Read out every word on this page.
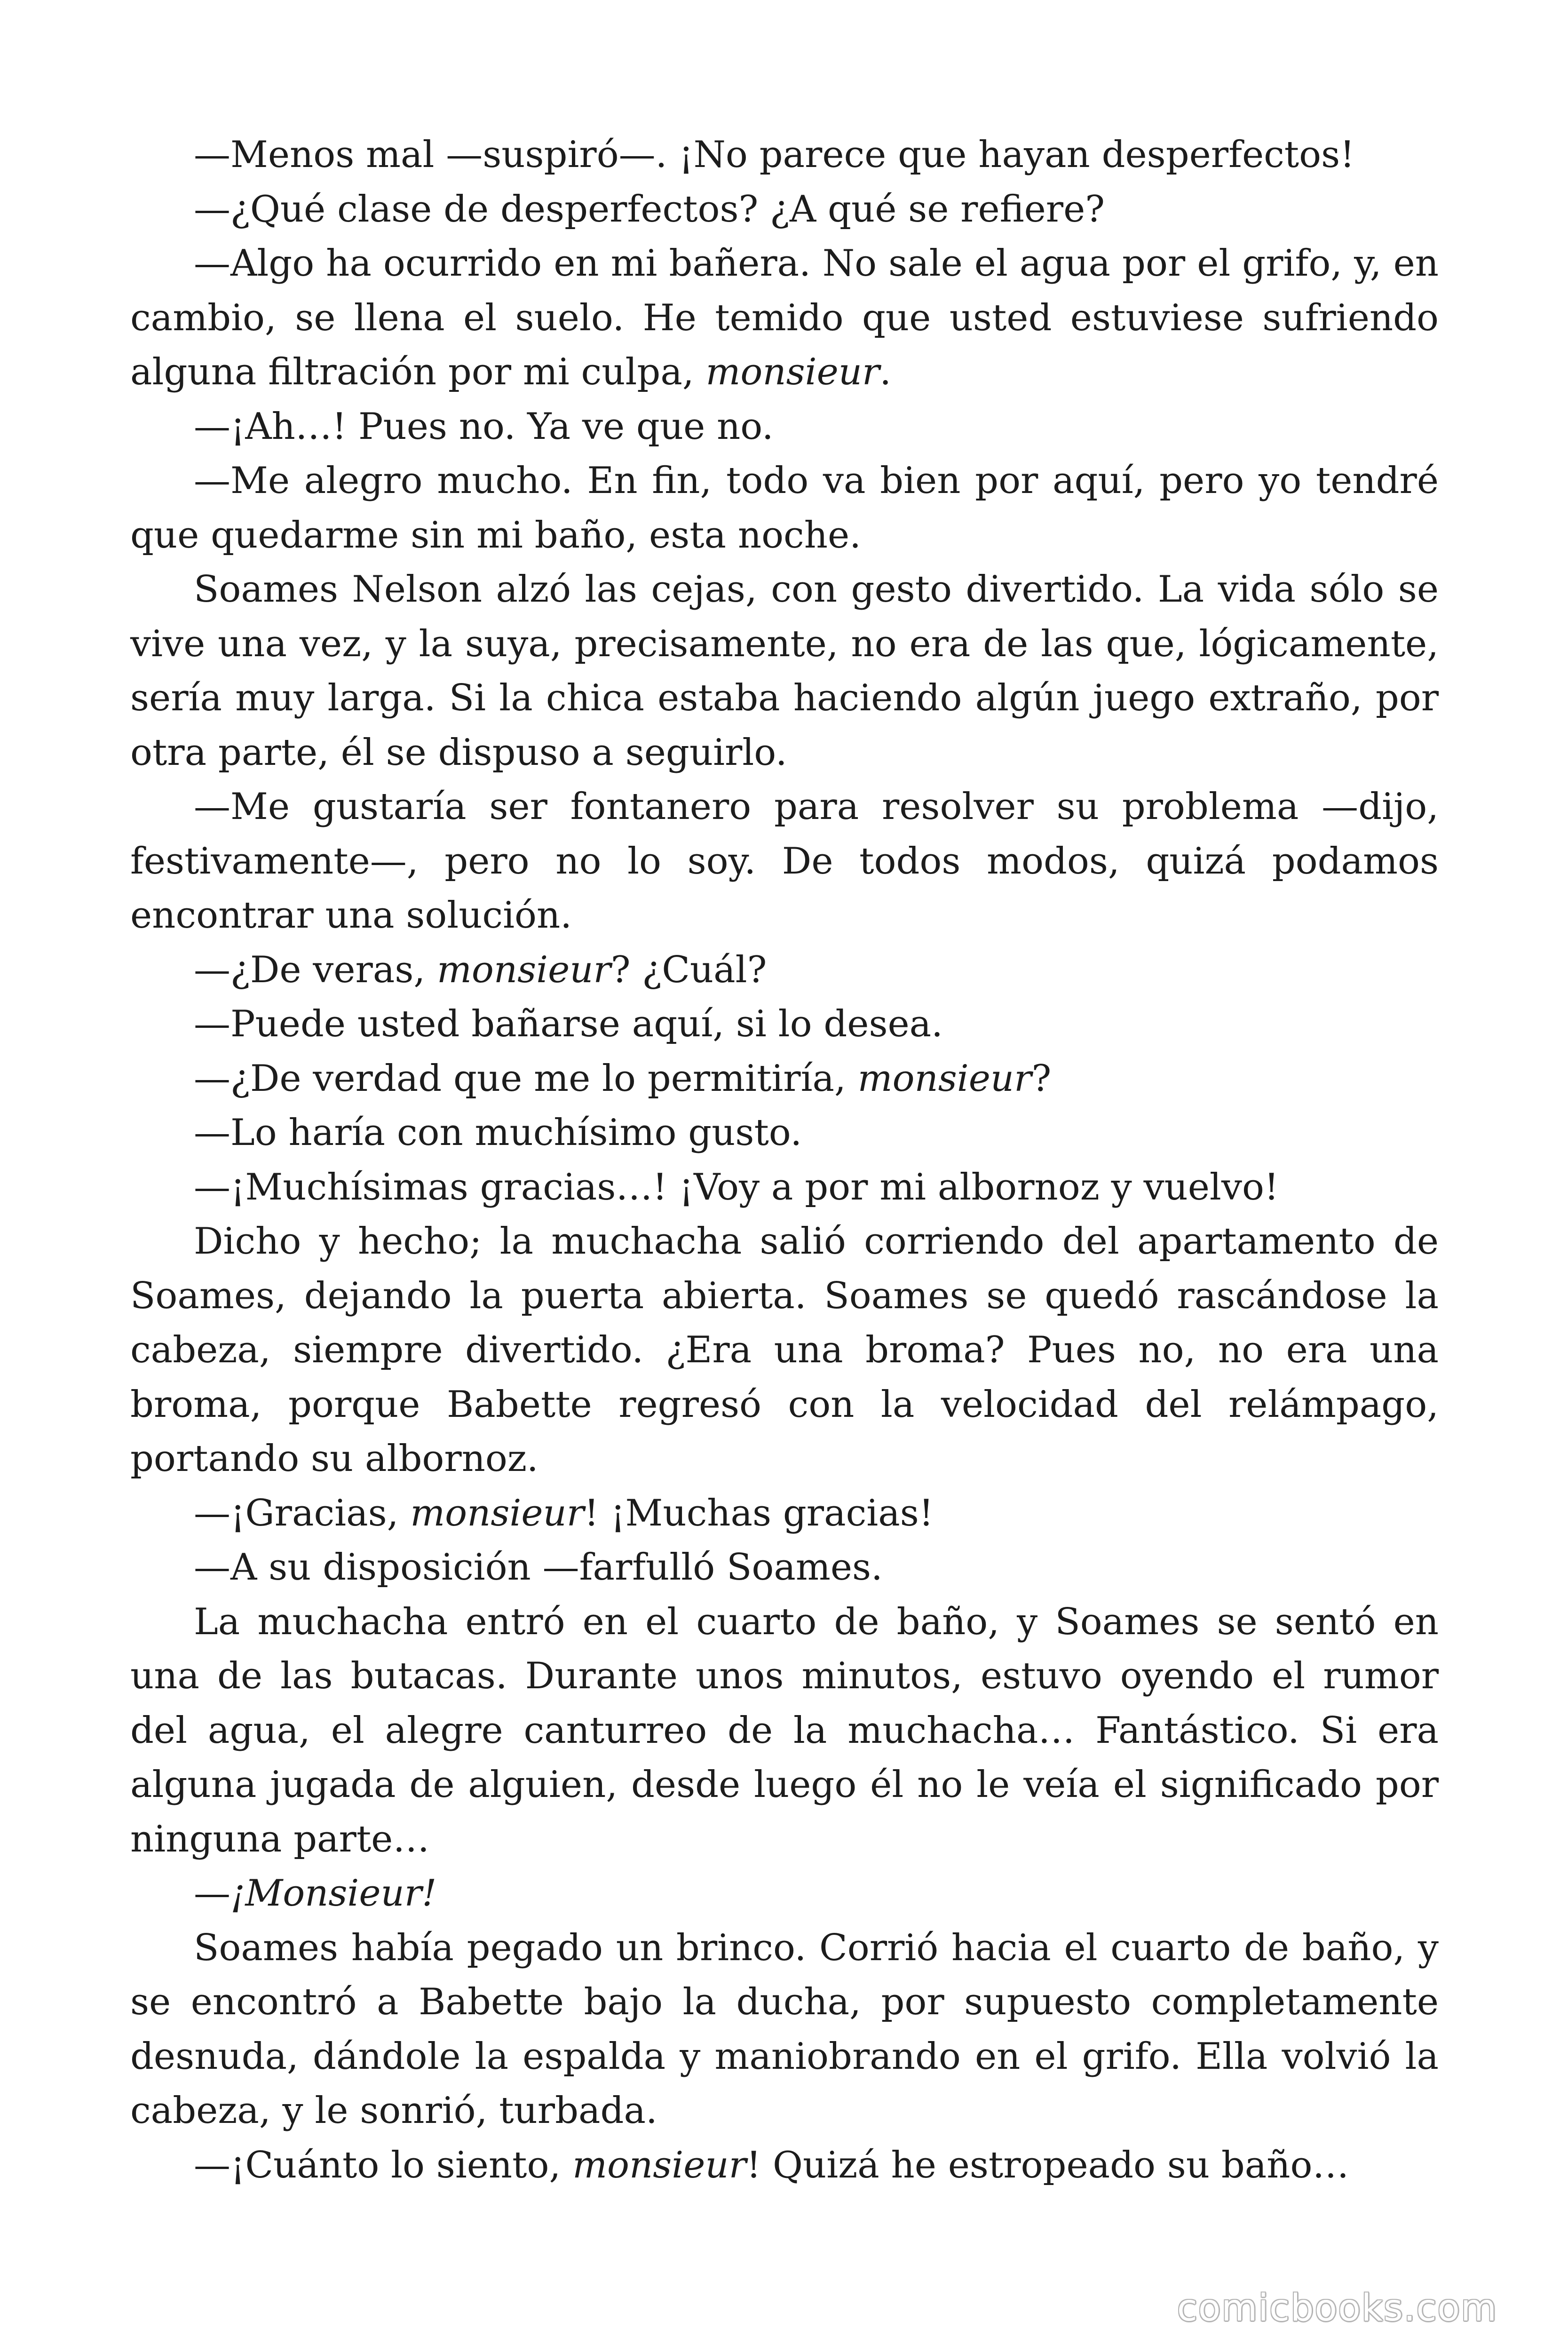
—Menos mal —suspiró—. ¡No parece que hayan desperfectos!

—¿Qué clase de desperfectos? ¿A qué se refiere?

—Algo ha ocurrido en mi bañera. No sale el agua por el grifo, y, en cambio, se llena el suelo. He temido que usted estuviese sufriendo alguna filtración por mi culpa, monsieur.

—¡Ah…! Pues no. Ya ve que no.

—Me alegro mucho. En fin, todo va bien por aquí, pero yo tendré que quedarme sin mi baño, esta noche.

Soames Nelson alzó las cejas, con gesto divertido. La vida sólo se vive una vez, y la suya, precisamente, no era de las que, lógicamente, sería muy larga. Si la chica estaba haciendo algún juego extraño, por otra parte, él se dispuso a seguirlo.

—Me gustaría ser fontanero para resolver su problema —dijo, festivamente—, pero no lo soy. De todos modos, quizá podamos encontrar una solución.

—¿De veras, monsieur? ¿Cuál?

—Puede usted bañarse aquí, si lo desea.

—¿De verdad que me lo permitiría, monsieur?

—Lo haría con muchísimo gusto.

—¡Muchísimas gracias…! ¡Voy a por mi albornoz y vuelvo!

Dicho y hecho; la muchacha salió corriendo del apartamento de Soames, dejando la puerta abierta. Soames se quedó rascándose la cabeza, siempre divertido. ¿Era una broma? Pues no, no era una broma, porque Babette regresó con la velocidad del relámpago, portando su albornoz.

—¡Gracias, monsieur! ¡Muchas gracias!

—A su disposición —farfulló Soames.

La muchacha entró en el cuarto de baño, y Soames se sentó en una de las butacas. Durante unos minutos, estuvo oyendo el rumor del agua, el alegre canturreo de la muchacha… Fantástico. Si era alguna jugada de alguien, desde luego él no le veía el significado por ninguna parte…

—¡Monsieur!

Soames había pegado un brinco. Corrió hacia el cuarto de baño, y se encontró a Babette bajo la ducha, por supuesto completamente desnuda, dándole la espalda y maniobrando en el grifo. Ella volvió la cabeza, y le sonrió, turbada.

—¡Cuánto lo siento, monsieur! Quizá he estropeado su baño…

comicbooks.com
